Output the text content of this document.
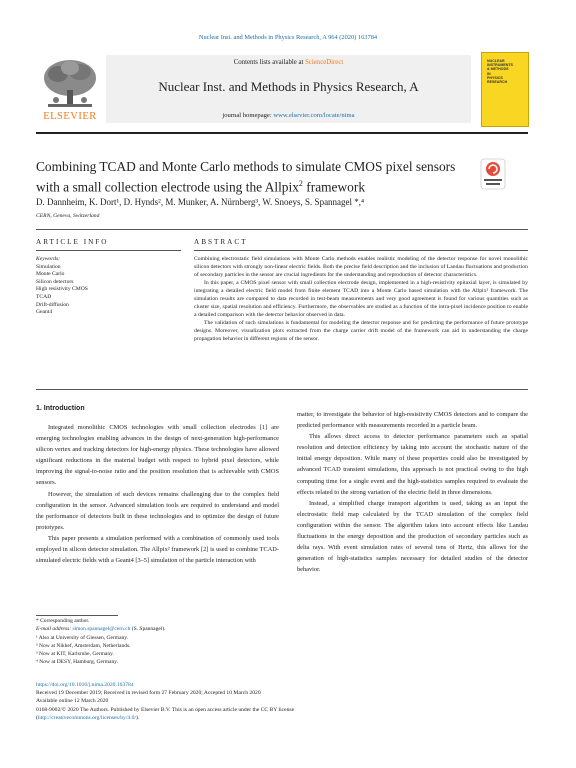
Nuclear Inst. and Methods in Physics Research, A 964 (2020) 163784
ELSEVIER
Contents lists available at ScienceDirect
Nuclear Inst. and Methods in Physics Research, A
journal homepage: www.elsevier.com/locate/nima
NUCLEAR
INSTRUMENTS
& METHODS
IN
PHYSICS
RESEARCH
Combining TCAD and Monte Carlo methods to simulate CMOS pixel sensors
with a small collection electrode using the Allpix$^2$ framework
D. Dannheim, K. Dort¹, D. Hynds², M. Munker, A. Nürnberg³, W. Snoeys, S. Spannagel *,⁴
CERN, Geneva, Switzerland
ARTICLE INFO	ABSTRACT
Keywords:
Simulation
Monte Carlo
Silicon detectors
High resistivity CMOS
TCAD
Drift-diffusion
Geant4

Combining electrostatic field simulations with Monte Carlo methods enables realistic modeling of the detector response for novel monolithic silicon detectors with strongly non-linear electric fields. Both the precise field description and the inclusion of Landau fluctuations and production of secondary particles in the sensor are crucial ingredients for the understanding and reproduction of detector characteristics.

In this paper, a CMOS pixel sensor with small collection electrode design, implemented in a high-resistivity epitaxial layer, is simulated by integrating a detailed electric field model from finite element TCAD into a Monte Carlo based simulation with the Allpix² framework. The simulation results are compared to data recorded in test-beam measurements and very good agreement is found for various quantities such as cluster size, spatial resolution and efficiency. Furthermore, the observables are studied as a function of the intra-pixel incidence position to enable a detailed comparison with the detector behavior observed in data.

The validation of such simulations is fundamental for modeling the detector response and for predicting the performance of future prototype designs. Moreover, visualization plots extracted from the charge carrier drift model of the framework can aid in understanding the charge propagation behavior in different regions of the sensor.

1. Introduction

Integrated monolithic CMOS technologies with small collection electrodes [1] are emerging technologies enabling advances in the design of next-generation high-performance silicon vertex and tracking detectors for high-energy physics. These technologies have allowed significant reductions in the material budget with respect to hybrid pixel detectors, while improving the signal-to-noise ratio and the position resolution that is achievable with CMOS sensors.

However, the simulation of such devices remains challenging due to the complex field configuration in the sensor. Advanced simulation tools are required to understand and model the performance of detectors built in these technologies and to optimize the design of future prototypes.

This paper presents a simulation performed with a combination of commonly used tools employed in silicon detector simulation. The Allpix² framework [2] is used to combine TCAD-simulated electric fields with a Geant4 [3–5] simulation of the particle interaction with

matter, to investigate the behavior of high-resistivity CMOS detectors and to compare the predicted performance with measurements recorded in a particle beam.

This allows direct access to detector performance parameters such as spatial resolution and detection efficiency by taking into account the stochastic nature of the initial energy deposition. While many of these properties could also be investigated by advanced TCAD transient simulations, this approach is not practical owing to the high computing time for a single event and the high-statistics samples required to evaluate the effects related to the strong variation of the electric field in three dimensions.

Instead, a simplified charge transport algorithm is used, taking as an input the electrostatic field map calculated by the TCAD simulation of the complex field configuration within the sensor. The algorithm takes into account effects like Landau fluctuations in the energy deposition and the production of secondary particles such as delta rays. With event simulation rates of several tens of Hertz, this allows for the generation of high-statistics samples necessary for detailed studies of the detector behavior.

* Corresponding author.
E-mail address: simon.spannagel@cern.ch (S. Spannagel).
¹ Also at University of Giessen, Germany.
² Now at Nikhef, Amsterdam, Netherlands.
³ Now at KIT, Karlsruhe, Germany.
⁴ Now at DESY, Hamburg, Germany.
https://doi.org/10.1016/j.nima.2020.163784
Received 19 December 2019; Received in revised form 27 February 2020; Accepted 10 March 2020
Available online 12 March 2020
0168-9002/© 2020 The Authors. Published by Elsevier B.V. This is an open access article under the CC BY license
(http://creativecommons.org/licenses/by/4.0/).
